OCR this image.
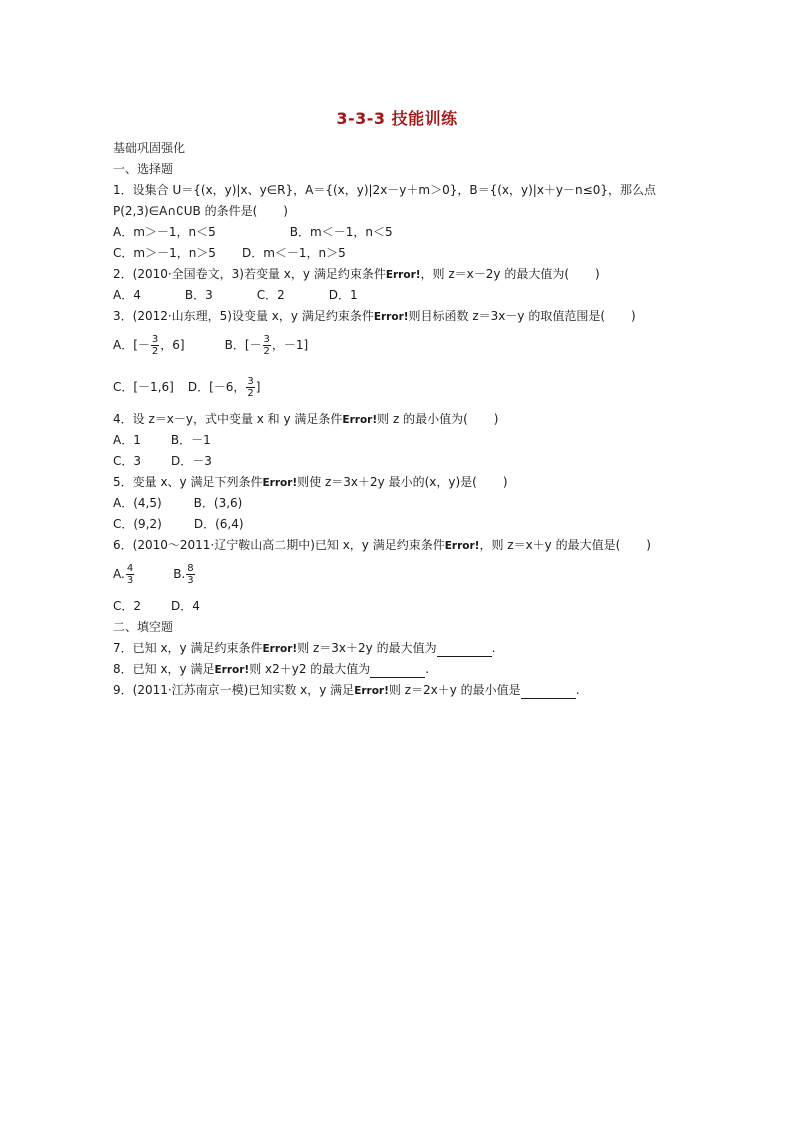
3-3-3 技能训练
基础巩固强化
一、选择题
1．设集合 U＝{(x，y)|x、y∈R}，A＝{(x，y)|2x－y＋m＞0}，B＝{(x，y)|x＋y－n≤0}，那么点
P(2,3)∈A∩∁UB 的条件是( )
A．m＞－1，n＜5	B．m＜－1，n＜5
C．m＞－1，n＞5 D．m＜－1，n＞5
2．(2010·全国卷文，3)若变量 x，y 满足约束条件Error!，则 z＝x－2y 的最大值为( )
A．4	B．3	C．2	D．1
3．(2012·山东理，5)设变量 x，y 满足约束条件Error!则目标函数 z＝3x－y 的取值范围是( )
A．[－ $\frac{3}{2}$ ，6]	B．[－ $\frac{3}{2}$ ，－1]
C．[－1,6] D．[－6， $\frac{3}{2}$ ]
4．设 z＝x－y，式中变量 x 和 y 满足条件Error!则 z 的最小值为( )
A．1	B．－1
C．3	D．－3
5．变量 x、y 满足下列条件Error!则使 z＝3x＋2y 最小的(x，y)是( )
A．(4,5)	B．(3,6)
C．(9,2)	D．(6,4)
6．(2010～2011·辽宁鞍山高二期中)已知 x，y 满足约束条件Error!，则 z＝x＋y 的最大值是( )
A. $\frac{4}{3}$	B. $\frac{8}{3}$
C．2	D．4
二、填空题
7．已知 x，y 满足约束条件Error!则 z＝3x＋2y 的最大值为	.
8．已知 x，y 满足Error!则 x2＋y2 的最大值为	.
9．(2011·江苏南京一模)已知实数 x，y 满足Error!则 z＝2x＋y 的最小值是	.
